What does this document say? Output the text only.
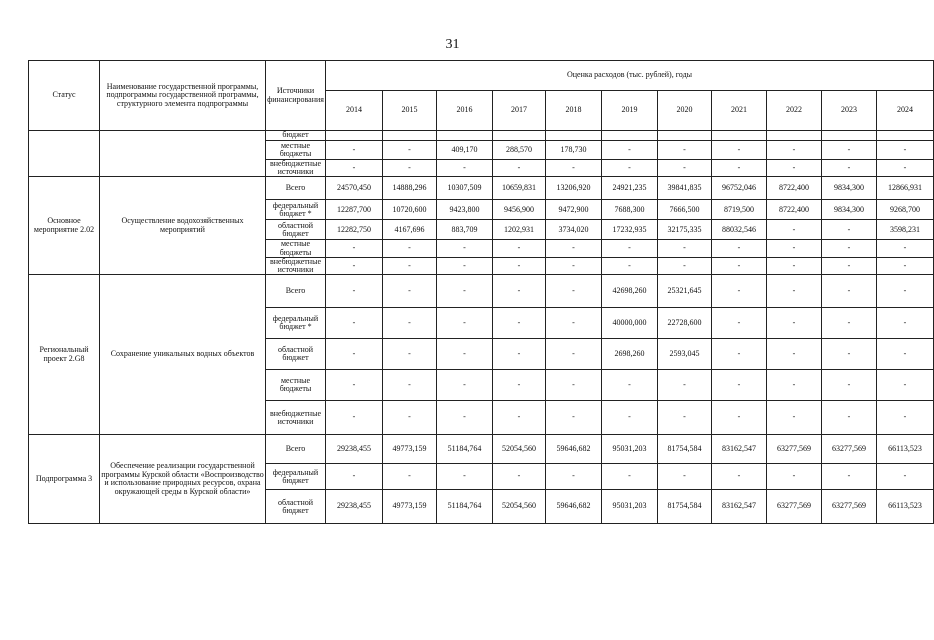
31
Статус	Наименование государственной программы, подпрограммы государственной программы, структурного элемента подпрограммы	Источники финансирования	Оценка расходов (тыс. рублей), годы										
			2014	2015	2016	2017	2018	2019	2020	2021	2022	2023	2024
		бюджет											
		местные бюджеты	-	-	409,170	288,570	178,730	-	-	-	-	-	-
		внебюджетные источники	-	-	-	-	-	-	-	-	-	-	-
Основное мероприятие 2.02	Осуществление водохозяйственных мероприятий	Всего	24570,450	14888,296	10307,509	10659,831	13206,920	24921,235	39841,835	96752,046	8722,400	9834,300	12866,931
		федеральный бюджет *	12287,700	10720,600	9423,800	9456,900	9472,900	7688,300	7666,500	8719,500	8722,400	9834,300	9268,700
		областной бюджет	12282,750	4167,696	883,709	1202,931	3734,020	17232,935	32175,335	88032,546	-	-	3598,231
		местные бюджеты	-	-	-	-	-	-	-	-	-	-	-
		внебюджетные источники	-	-	-	-	-	-	-	-	-	-	-
Региональный проект 2.G8	Сохранение уникальных водных объектов	Всего	-	-	-	-	-	42698,260	25321,645	-	-	-	-
		федеральный бюджет *	-	-	-	-	-	40000,000	22728,600	-	-	-	-
		областной бюджет	-	-	-	-	-	2698,260	2593,045	-	-	-	-
		местные бюджеты	-	-	-	-	-	-	-	-	-	-	-
		внебюджетные источники	-	-	-	-	-	-	-	-	-	-	-
Подпрограмма 3	Обеспечение реализации государственной программы Курской области «Воспроизводство и использование природных ресурсов, охрана окружающей среды в Курской области»	Всего	29238,455	49773,159	51184,764	52054,560	59646,682	95031,203	81754,584	83162,547	63277,569	63277,569	66113,523
		федеральный бюджет	-	-	-	-	-	-	-	-	-	-	-
		областной бюджет	29238,455	49773,159	51184,764	52054,560	59646,682	95031,203	81754,584	83162,547	63277,569	63277,569	66113,523
